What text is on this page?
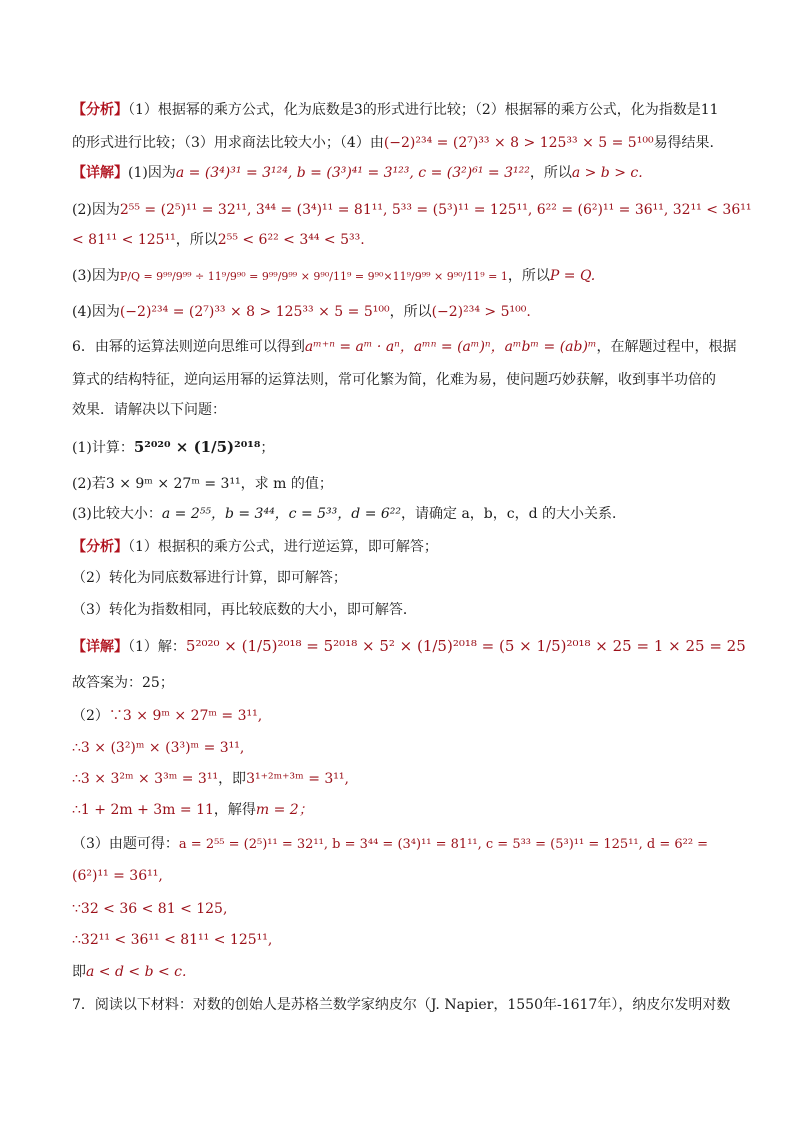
【分析】（1）根据幂的乘方公式，化为底数是3的形式进行比较；（2）根据幂的乘方公式，化为指数是11
的形式进行比较；（3）用求商法比较大小；（4）由(−2)²³⁴ = (2⁷)³³ × 8 > 125³³ × 5 = 5¹⁰⁰易得结果.
【详解】(1)因为a = (3⁴)³¹ = 3¹²⁴, b = (3³)⁴¹ = 3¹²³, c = (3²)⁶¹ = 3¹²²，所以a > b > c.
(2)因为2⁵⁵ = (2⁵)¹¹ = 32¹¹, 3⁴⁴ = (3⁴)¹¹ = 81¹¹, 5³³ = (5³)¹¹ = 125¹¹, 6²² = (6²)¹¹ = 36¹¹, 32¹¹ < 36¹¹
< 81¹¹ < 125¹¹，所以2⁵⁵ < 6²² < 3⁴⁴ < 5³³.
(3)因为P/Q = 9⁹⁹/9⁹⁹ ÷ 11⁹/9⁹⁰ = 9⁹⁹/9⁹⁹ × 9⁹⁰/11⁹ = 9⁹⁰×11⁹/9⁹⁹ × 9⁹⁰/11⁹ = 1，所以P = Q.
(4)因为(−2)²³⁴ = (2⁷)³³ × 8 > 125³³ × 5 = 5¹⁰⁰，所以(−2)²³⁴ > 5¹⁰⁰.
6．由幂的运算法则逆向思维可以得到aᵐ⁺ⁿ = aᵐ · aⁿ，aᵐⁿ = (aᵐ)ⁿ，aᵐbᵐ = (ab)ᵐ，在解题过程中，根据
算式的结构特征，逆向运用幂的运算法则，常可化繁为简，化难为易，使问题巧妙获解，收到事半功倍的
效果．请解决以下问题：
(1)计算：5²⁰²⁰ × (1/5)²⁰¹⁸；
(2)若3 × 9ᵐ × 27ᵐ = 3¹¹，求 m 的值；
(3)比较大小：a = 2⁵⁵，b = 3⁴⁴，c = 5³³，d = 6²²，请确定 a，b，c，d 的大小关系．
【分析】（1）根据积的乘方公式，进行逆运算，即可解答；
（2）转化为同底数幂进行计算，即可解答；
（3）转化为指数相同，再比较底数的大小，即可解答．
【详解】（1）解：5²⁰²⁰ × (1/5)²⁰¹⁸ = 5²⁰¹⁸ × 5² × (1/5)²⁰¹⁸ = (5 × 1/5)²⁰¹⁸ × 25 = 1 × 25 = 25
故答案为：25；
（2）∵3 × 9ᵐ × 27ᵐ = 3¹¹,
∴3 × (3²)ᵐ × (3³)ᵐ = 3¹¹,
∴3 × 3²ᵐ × 3³ᵐ = 3¹¹，即3¹⁺²ᵐ⁺³ᵐ = 3¹¹,
∴1 + 2m + 3m = 11，解得m = 2；
（3）由题可得：a = 2⁵⁵ = (2⁵)¹¹ = 32¹¹, b = 3⁴⁴ = (3⁴)¹¹ = 81¹¹, c = 5³³ = (5³)¹¹ = 125¹¹, d = 6²² =
(6²)¹¹ = 36¹¹,
∵32 < 36 < 81 < 125,
∴32¹¹ < 36¹¹ < 81¹¹ < 125¹¹,
即a < d < b < c.
7．阅读以下材料：对数的创始人是苏格兰数学家纳皮尔（J. Napier，1550年-1617年），纳皮尔发明对数
